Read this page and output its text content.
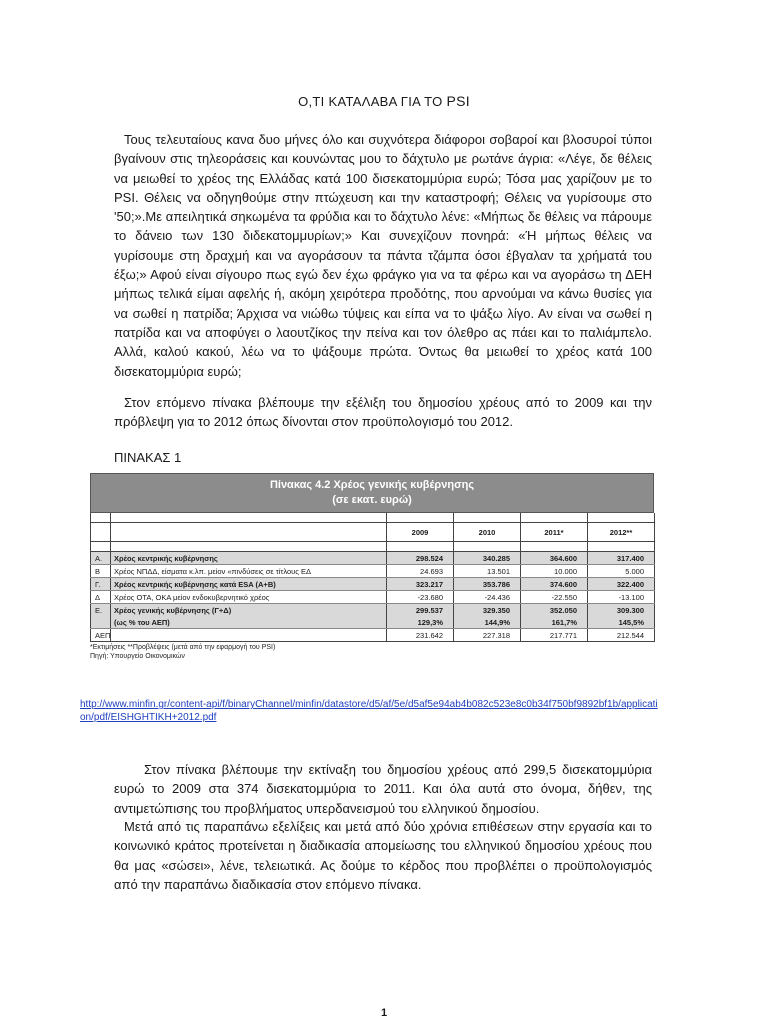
Ο,ΤΙ ΚΑΤΑΛΑΒΑ ΓΙΑ ΤΟ PSI

Τους τελευταίους κανα δυο μήνες όλο και συχνότερα διάφοροι σοβαροί και βλοσυροί τύποι βγαίνουν στις τηλεοράσεις και κουνώντας μου το δάχτυλο με ρωτάνε άγρια: «Λέγε, δε θέλεις να μειωθεί το χρέος της Ελλάδας κατά 100 δισεκατομμύρια ευρώ; Τόσα μας χαρίζουν με το PSI. Θέλεις να οδηγηθούμε στην πτώχευση και την καταστροφή; Θέλεις να γυρίσουμε στο '50;».Με απειλητικά σηκωμένα τα φρύδια και το δάχτυλο λένε: «Μήπως δε θέλεις να πάρουμε το δάνειο των 130 διδεκατομμυρίων;» Και συνεχίζουν πονηρά: «Ή μήπως θέλεις να γυρίσουμε στη δραχμή και να αγοράσουν τα πάντα τζάμπα όσοι έβγαλαν τα χρήματά του έξω;» Αφού είναι σίγουρο πως εγώ δεν έχω φράγκο για να τα φέρω και να αγοράσω τη ΔΕΗ μήπως τελικά είμαι αφελής ή, ακόμη χειρότερα προδότης, που αρνούμαι να κάνω θυσίες για να σωθεί η πατρίδα; Άρχισα να νιώθω τύψεις και είπα να το ψάξω λίγο. Αν είναι να σωθεί η πατρίδα και να αποφύγει ο λαουτζίκος την πείνα και τον όλεθρο ας πάει και το παλιάμπελο. Αλλά, καλού κακού, λέω να το ψάξουμε πρώτα. Όντως θα μειωθεί το χρέος κατά 100 δισεκατομμύρια ευρώ;

Στον επόμενο πίνακα βλέπουμε την εξέλιξη του δημοσίου χρέους από το 2009 και την πρόβλεψη για το 2012 όπως δίνονται στον προϋπολογισμό του 2012.

ΠΙΝΑΚΑΣ 1
Πίνακας 4.2 Χρέος γενικής κυβέρνησης
(σε εκατ. ευρώ)

		2009	2010	2011*	2012**

Α.	Χρέος κεντρικής κυβέρνησης	298.524	340.285	364.600	317.400
Β	Χρέος ΝΠΔΔ, είσματα κ.λπ. μείον «πινδύσεις σε τίτλους ΕΔ	24.693	13.501	10.000	5.000
Γ.	Χρέος κεντρικής κυβέρνησης κατά ESA (Α+Β)	323.217	353.786	374.600	322.400
Δ	Χρέος ΟΤΑ, ΟΚΑ μείον ενδοκυβερνητικό χρέος	-23.680	-24.436	-22.550	-13.100
Ε.	Χρέος γενικής κυβέρνησης (Γ+Δ)	299.537	329.350	352.050	309.300
	(ως % του ΑΕΠ)	129,3%	144,9%	161,7%	145,5%
ΑΕΠ		231.642	227.318	217.771	212.544
*Εκτιμήσεις **Προβλέψεις (μετά από την εφαρμογή του PSI)
Πηγή: Υπουργείο Οικονομικών
http://www.minfin.gr/content-api/f/binaryChannel/minfin/datastore/d5/af/5e/d5af5e94ab4b082c523e8c0b34f750bf9892bf1b/application/pdf/EISHGHTIKH+2012.pdf

Στον πίνακα βλέπουμε την εκτίναξη του δημοσίου χρέους από 299,5 δισεκατομμύρια ευρώ το 2009 στα 374 δισεκατομμύρια το 2011. Και όλα αυτά στο όνομα, δήθεν, της αντιμετώπισης του προβλήματος υπερδανεισμού του ελληνικού δημοσίου.

Μετά από τις παραπάνω εξελίξεις και μετά από δύο χρόνια επιθέσεων στην εργασία και το κοινωνικό κράτος προτείνεται η διαδικασία απομείωσης του ελληνικού δημοσίου χρέους που θα μας «σώσει», λένε, τελειωτικά. Ας δούμε το κέρδος που προβλέπει ο προϋπολογισμός από την παραπάνω διαδικασία στον επόμενο πίνακα.

1
